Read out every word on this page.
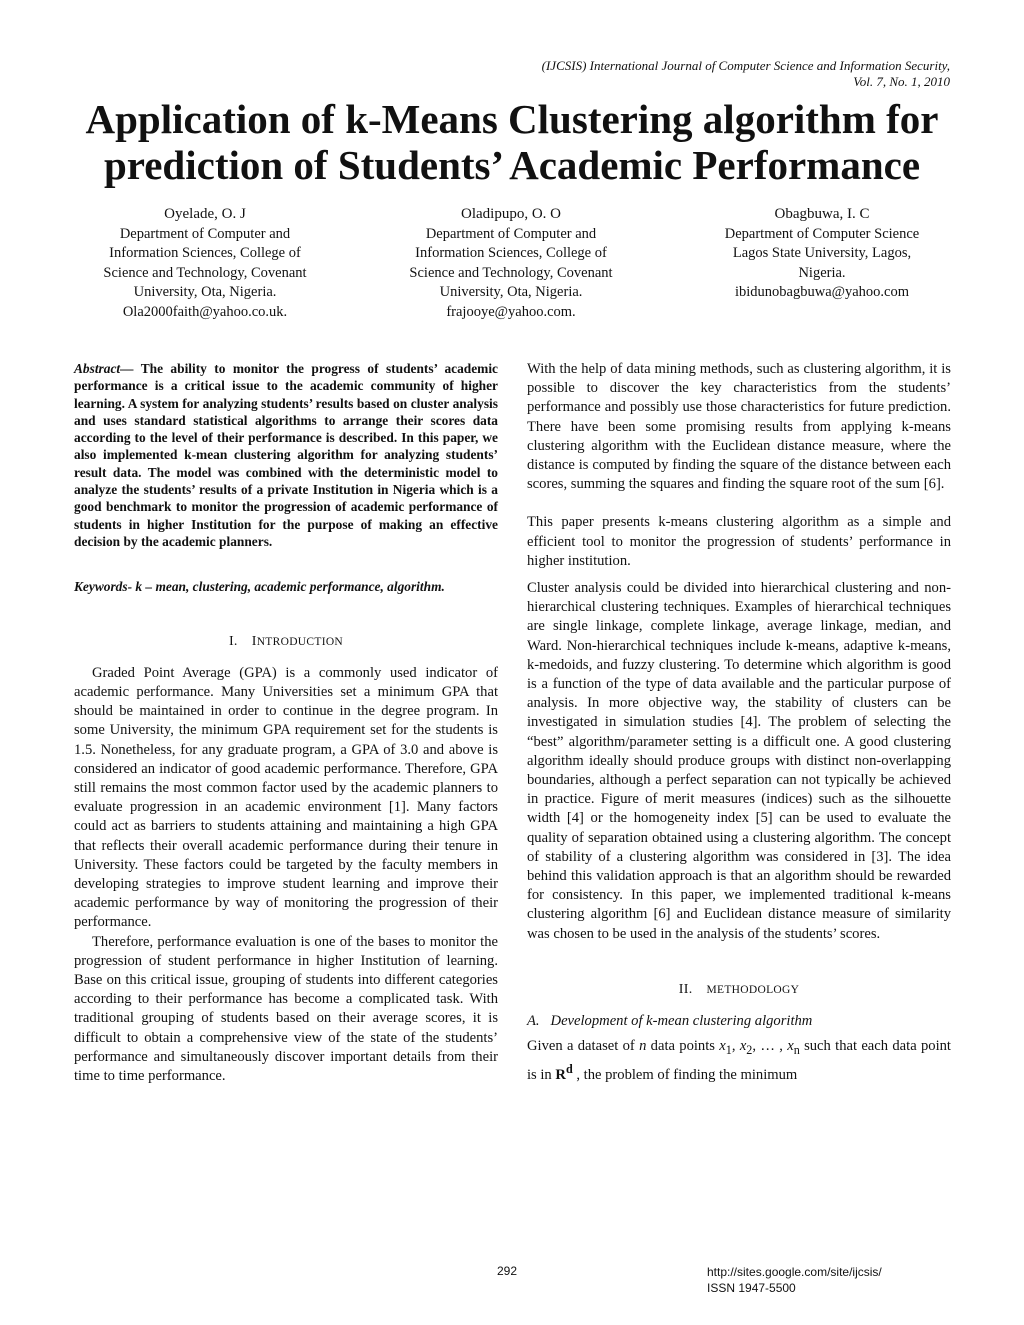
(IJCSIS) International Journal of Computer Science and Information Security,
Vol. 7, No. 1, 2010
Application of k-Means Clustering algorithm for
prediction of Students’ Academic Performance
Oyelade, O. J
Department of Computer and
Information Sciences, College of
Science and Technology, Covenant
University, Ota, Nigeria.
Ola2000faith@yahoo.co.uk.
Oladipupo, O. O
Department of Computer and
Information Sciences, College of
Science and Technology, Covenant
University, Ota, Nigeria.
frajooye@yahoo.com.
Obagbuwa, I. C
Department of Computer Science
Lagos State University, Lagos,
Nigeria.
ibidunobagbuwa@yahoo.com

Abstract— The ability to monitor the progress of students’ academic performance is a critical issue to the academic community of higher learning. A system for analyzing students’ results based on cluster analysis and uses standard statistical algorithms to arrange their scores data according to the level of their performance is described. In this paper, we also implemented k-mean clustering algorithm for analyzing students’ result data. The model was combined with the deterministic model to analyze the students’ results of a private Institution in Nigeria which is a good benchmark to monitor the progression of academic performance of students in higher Institution for the purpose of making an effective decision by the academic planners.

Keywords- k – mean, clustering, academic performance, algorithm.

I. INTRODUCTION

Graded Point Average (GPA) is a commonly used indicator of academic performance. Many Universities set a minimum GPA that should be maintained in order to continue in the degree program. In some University, the minimum GPA requirement set for the students is 1.5. Nonetheless, for any graduate program, a GPA of 3.0 and above is considered an indicator of good academic performance. Therefore, GPA still remains the most common factor used by the academic planners to evaluate progression in an academic environment [1]. Many factors could act as barriers to students attaining and maintaining a high GPA that reflects their overall academic performance during their tenure in University. These factors could be targeted by the faculty members in developing strategies to improve student learning and improve their academic performance by way of monitoring the progression of their performance.

Therefore, performance evaluation is one of the bases to monitor the progression of student performance in higher Institution of learning. Base on this critical issue, grouping of students into different categories according to their performance has become a complicated task. With traditional grouping of students based on their average scores, it is difficult to obtain a comprehensive view of the state of the students’ performance and simultaneously discover important details from their time to time performance.

With the help of data mining methods, such as clustering algorithm, it is possible to discover the key characteristics from the students’ performance and possibly use those characteristics for future prediction. There have been some promising results from applying k-means clustering algorithm with the Euclidean distance measure, where the distance is computed by finding the square of the distance between each scores, summing the squares and finding the square root of the sum [6].

This paper presents k-means clustering algorithm as a simple and efficient tool to monitor the progression of students’ performance in higher institution.

Cluster analysis could be divided into hierarchical clustering and non-hierarchical clustering techniques. Examples of hierarchical techniques are single linkage, complete linkage, average linkage, median, and Ward. Non-hierarchical techniques include k-means, adaptive k-means, k-medoids, and fuzzy clustering. To determine which algorithm is good is a function of the type of data available and the particular purpose of analysis. In more objective way, the stability of clusters can be investigated in simulation studies [4]. The problem of selecting the “best” algorithm/parameter setting is a difficult one. A good clustering algorithm ideally should produce groups with distinct non-overlapping boundaries, although a perfect separation can not typically be achieved in practice. Figure of merit measures (indices) such as the silhouette width [4] or the homogeneity index [5] can be used to evaluate the quality of separation obtained using a clustering algorithm. The concept of stability of a clustering algorithm was considered in [3]. The idea behind this validation approach is that an algorithm should be rewarded for consistency. In this paper, we implemented traditional k-means clustering algorithm [6] and Euclidean distance measure of similarity was chosen to be used in the analysis of the students’ scores.

II. METHODOLOGY
A. Development of k-mean clustering algorithm

Given a dataset of n data points $x_1$, $x_2$, … , $x_n$ such that each data point is in $R^d$ , the problem of finding the minimum

292	http://sites.google.com/site/ijcsis/
ISSN 1947-5500
